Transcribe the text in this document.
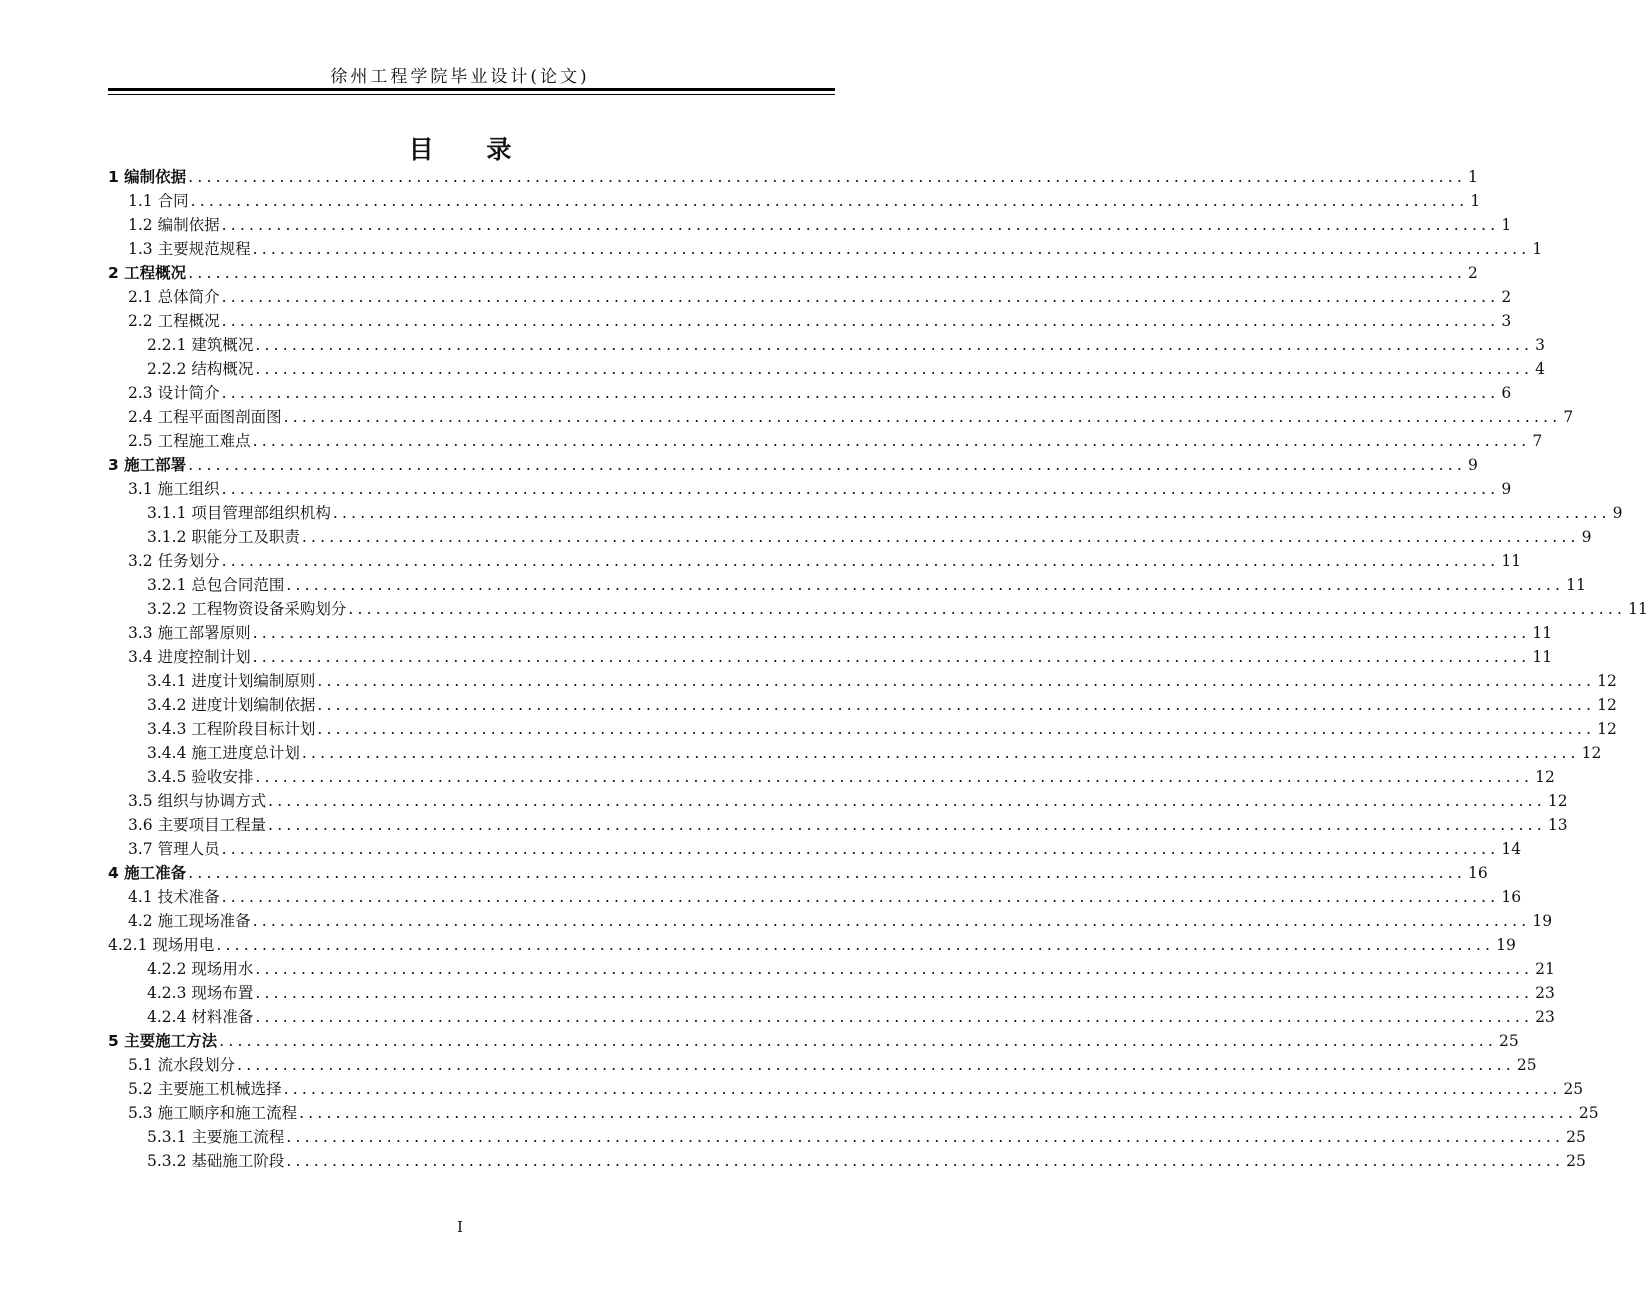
徐州工程学院毕业设计(论文)
目 录
1 编制依据 ............................................................................................................................................ 1
1.1 合同 ............................................................................................................................................ 1
1.2 编制依据 ............................................................................................................................................ 1
1.3 主要规范规程 ............................................................................................................................................ 1
2 工程概况 ............................................................................................................................................ 2
2.1 总体简介 ............................................................................................................................................ 2
2.2 工程概况 ............................................................................................................................................ 3
2.2.1 建筑概况 ............................................................................................................................................ 3
2.2.2 结构概况 ............................................................................................................................................ 4
2.3 设计简介 ............................................................................................................................................ 6
2.4 工程平面图剖面图 ............................................................................................................................................ 7
2.5 工程施工难点 ............................................................................................................................................ 7
3 施工部署 ............................................................................................................................................ 9
3.1 施工组织 ............................................................................................................................................ 9
3.1.1 项目管理部组织机构 ............................................................................................................................................ 9
3.1.2 职能分工及职责 ............................................................................................................................................ 9
3.2 任务划分 ............................................................................................................................................ 11
3.2.1 总包合同范围 ............................................................................................................................................ 11
3.2.2 工程物资设备采购划分 ............................................................................................................................................ 11
3.3 施工部署原则 ............................................................................................................................................ 11
3.4 进度控制计划 ............................................................................................................................................ 11
3.4.1 进度计划编制原则 ............................................................................................................................................ 12
3.4.2 进度计划编制依据 ............................................................................................................................................ 12
3.4.3 工程阶段目标计划 ............................................................................................................................................ 12
3.4.4 施工进度总计划 ............................................................................................................................................ 12
3.4.5 验收安排 ............................................................................................................................................ 12
3.5 组织与协调方式 ............................................................................................................................................ 12
3.6 主要项目工程量 ............................................................................................................................................ 13
3.7 管理人员 ............................................................................................................................................ 14
4 施工准备 ............................................................................................................................................ 16
4.1 技术准备 ............................................................................................................................................ 16
4.2 施工现场准备 ............................................................................................................................................ 19
4.2.1 现场用电 ............................................................................................................................................ 19
4.2.2 现场用水 ............................................................................................................................................ 21
4.2.3 现场布置 ............................................................................................................................................ 23
4.2.4 材料准备 ............................................................................................................................................ 23
5 主要施工方法 ............................................................................................................................................ 25
5.1 流水段划分 ............................................................................................................................................ 25
5.2 主要施工机械选择 ............................................................................................................................................ 25
5.3 施工顺序和施工流程 ............................................................................................................................................ 25
5.3.1 主要施工流程 ............................................................................................................................................ 25
5.3.2 基础施工阶段 ............................................................................................................................................ 25
I
